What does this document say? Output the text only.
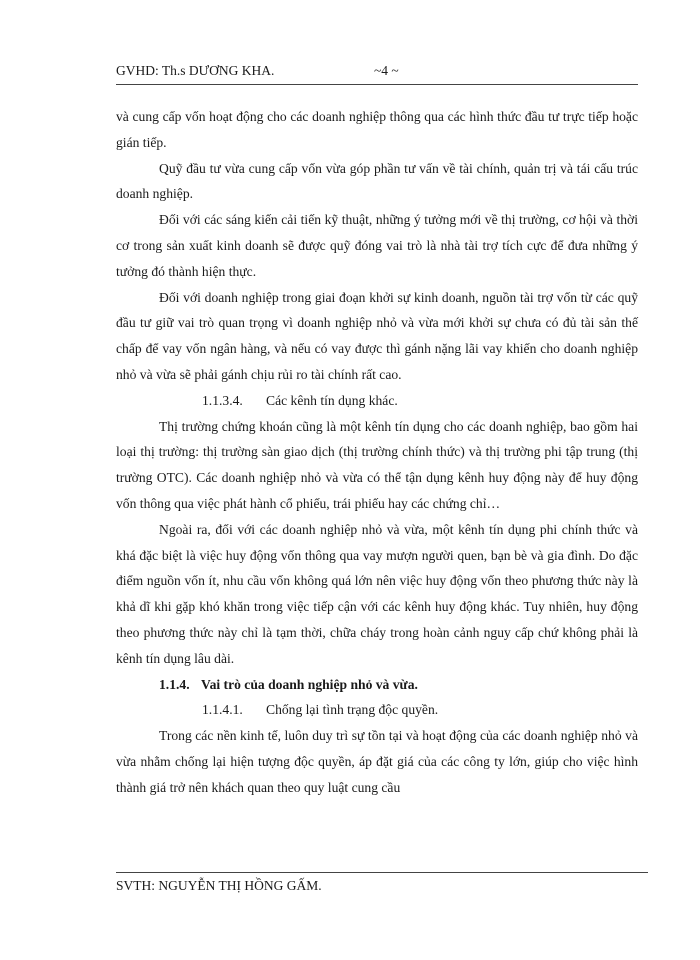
GVHD: Th.s DƯƠNG KHA.	~4 ~

và cung cấp vốn hoạt động cho các doanh nghiệp thông qua các hình thức đầu tư trực tiếp hoặc gián tiếp.

Quỹ đầu tư vừa cung cấp vốn vừa góp phần tư vấn về tài chính, quản trị và tái cấu trúc doanh nghiệp.

Đối với các sáng kiến cải tiến kỹ thuật, những ý tưởng mới về thị trường, cơ hội và thời cơ trong sản xuất kinh doanh sẽ được quỹ đóng vai trò là nhà tài trợ tích cực để đưa những ý tưởng đó thành hiện thực.

Đối với doanh nghiệp trong giai đoạn khởi sự kinh doanh, nguồn tài trợ vốn từ các quỹ đầu tư giữ vai trò quan trọng vì doanh nghiệp nhỏ và vừa mới khởi sự chưa có đủ tài sản thế chấp để vay vốn ngân hàng, và nếu có vay được thì gánh nặng lãi vay khiến cho doanh nghiệp nhỏ và vừa sẽ phải gánh chịu rủi ro tài chính rất cao.

1.1.3.4. Các kênh tín dụng khác.

Thị trường chứng khoán cũng là một kênh tín dụng cho các doanh nghiệp, bao gồm hai loại thị trường: thị trường sàn giao dịch (thị trường chính thức) và thị trường phi tập trung (thị trường OTC). Các doanh nghiệp nhỏ và vừa có thể tận dụng kênh huy động này để huy động vốn thông qua việc phát hành cổ phiếu, trái phiếu hay các chứng chỉ…

Ngoài ra, đối với các doanh nghiệp nhỏ và vừa, một kênh tín dụng phi chính thức và khá đặc biệt là việc huy động vốn thông qua vay mượn người quen, bạn bè và gia đình. Do đặc điểm nguồn vốn ít, nhu cầu vốn không quá lớn nên việc huy động vốn theo phương thức này là khả dĩ khi gặp khó khăn trong việc tiếp cận với các kênh huy động khác. Tuy nhiên, huy động theo phương thức này chỉ là tạm thời, chữa cháy trong hoàn cảnh nguy cấp chứ không phải là kênh tín dụng lâu dài.

1.1.4. Vai trò của doanh nghiệp nhỏ và vừa.

1.1.4.1. Chống lại tình trạng độc quyền.

Trong các nền kinh tế, luôn duy trì sự tồn tại và hoạt động của các doanh nghiệp nhỏ và vừa nhằm chống lại hiện tượng độc quyền, áp đặt giá của các công ty lớn, giúp cho việc hình thành giá trở nên khách quan theo quy luật cung cầu

SVTH: NGUYỄN THỊ HỒNG GẤM.
